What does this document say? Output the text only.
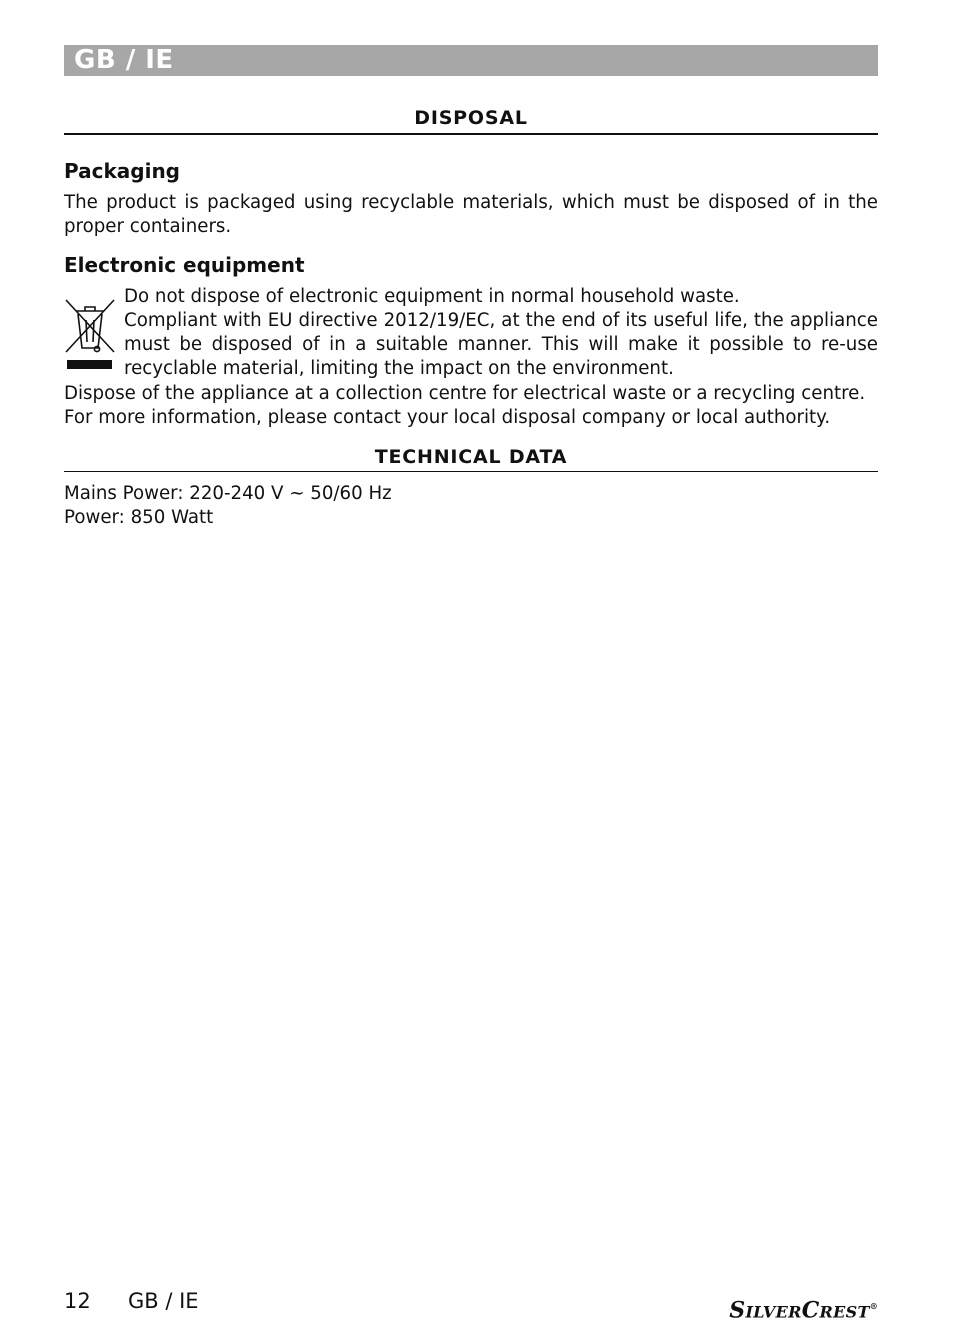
GB / IE
DISPOSAL
Packaging
The product is packaged using recyclable materials, which must be disposed of in the proper containers.
Electronic equipment
Do not dispose of electronic equipment in normal household waste.
Compliant with EU directive 2012/19/EC, at the end of its useful life, the appliance must be disposed of in a suitable manner. This will make it possible to re-use recyclable material, limiting the impact on the environment.
Dispose of the appliance at a collection centre for electrical waste or a recycling centre.
For more information, please contact your local disposal company or local authority.
TECHNICAL DATA
Mains Power: 220-240 V ~ 50/60 Hz
Power: 850 Watt
12 GB / IE	SILVERCREST®
